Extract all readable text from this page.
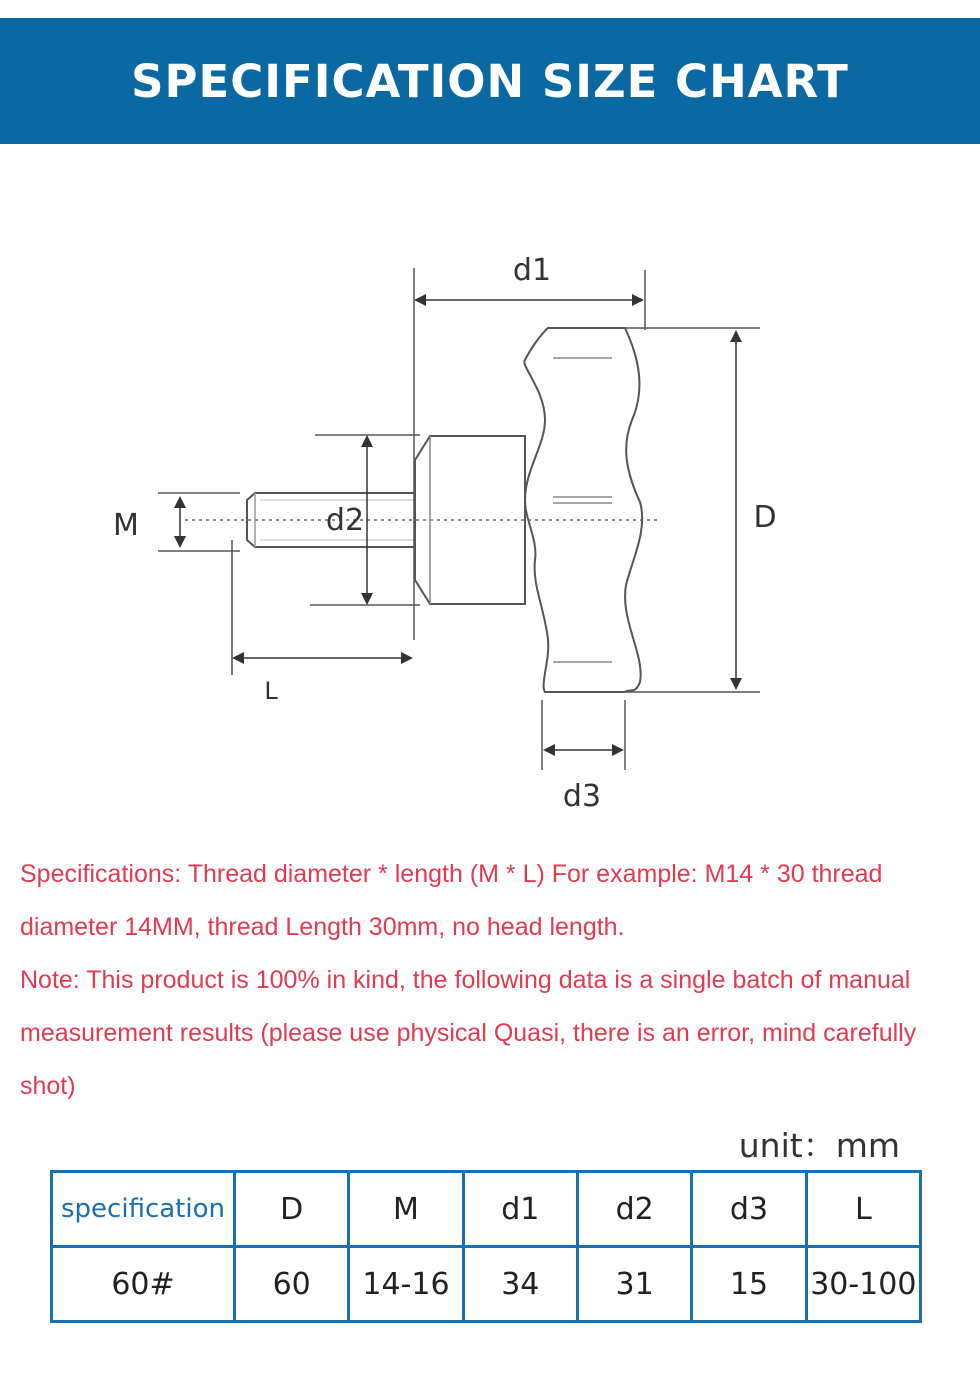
SPECIFICATION SIZE CHART
d1
D
d2
M
L
d3

Specifications: Thread diameter * length (M * L) For example: M14 * 30 thread diameter 14MM, thread Length 30mm, no head length.

Note: This product is 100% in kind, the following data is a single batch of manual measurement results (please use physical Quasi, there is an error, mind carefully shot)

unit：mm
specification	D	M	d1	d2	d3	L
60#	60	14-16	34	31	15	30-100
